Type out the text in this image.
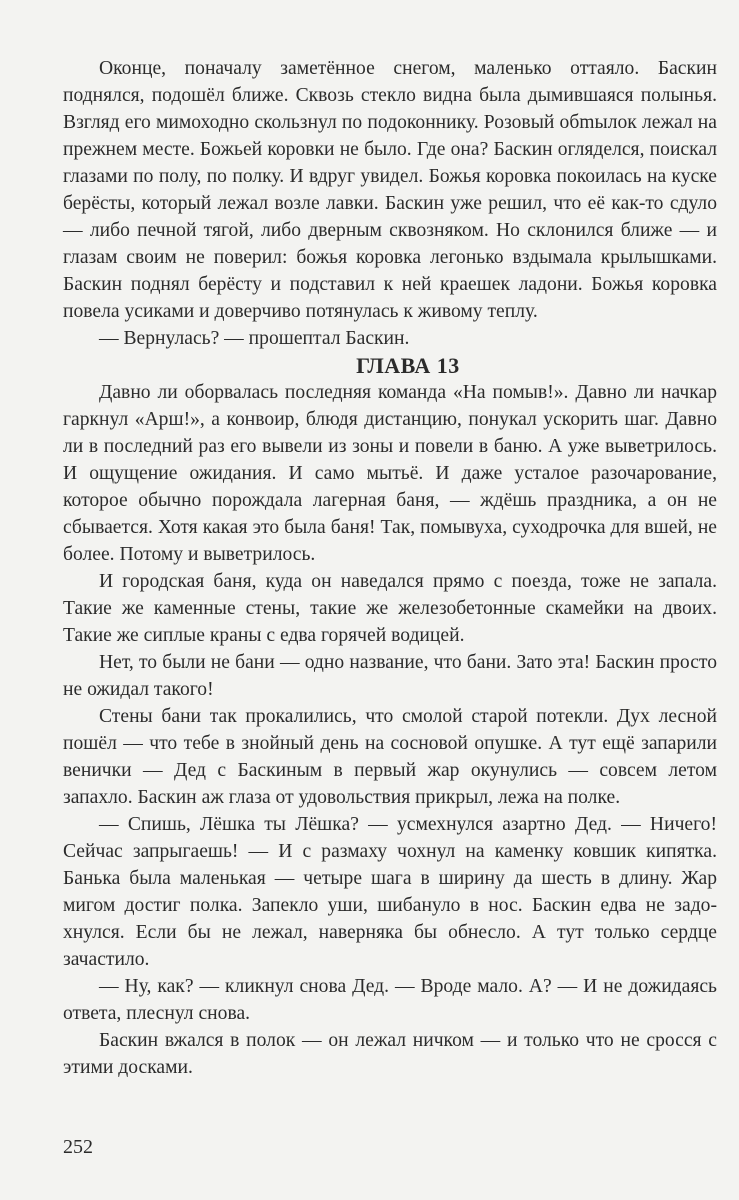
Оконце, поначалу заметённое снегом, маленько оттаяло. Баскин поднялся, подошёл ближе. Сквозь стекло видна была дымившаяся полынья. Взгляд его мимоходно скользнул по подоконнику. Розовый обmылок лежал на прежнем месте. Божьей коровки не было. Где она? Баскин огляделся, поискал глазами по полу, по полку. И вдруг увидел. Божья коровка покоилась на куске берёсты, который лежал возле лавки. Баскин уже решил, что её как-то сдуло — либо печной тягой, либо дверным сквозняком. Но склонился ближе — и глазам своим не поверил: божья коровка легонько вздымала крылышками. Баскин поднял берёсту и подставил к ней краешек ладони. Божья коровка повела усиками и доверчиво потянулась к живому теплу.

— Вернулась? — прошептал Баскин.

ГЛАВА 13

Давно ли оборвалась последняя команда «На помыв!». Давно ли начкар гаркнул «Арш!», а конвоир, блюдя дистанцию, понукал ускорить шаг. Давно ли в последний раз его вывели из зоны и повели в баню. А уже выветрилось. И ощущение ожидания. И само мытьё. И даже усталое разочарование, которое обычно порождала лагерная баня, — ждёшь праздника, а он не сбывается. Хотя какая это была баня! Так, помывуха, суходрочка для вшей, не более. Потому и выветрилось.

И городская баня, куда он наведался прямо с поезда, тоже не запала. Такие же каменные стены, такие же железобетонные скамейки на двоих. Такие же сиплые краны с едва горячей водицей.

Нет, то были не бани — одно название, что бани. Зато эта! Баскин просто не ожидал такого!

Стены бани так прокалились, что смолой старой потекли. Дух лесной пошёл — что тебе в знойный день на сосновой опушке. А тут ещё запарили венички — Дед с Баскиным в первый жар окунулись — совсем летом запахло. Баскин аж глаза от удовольствия прикрыл, лежа на полке.

— Спишь, Лёшка ты Лёшка? — усмехнулся азартно Дед. — Ничего! Сейчас запрыгаешь! — И с размаху чохнул на каменку ковшик кипятка. Банька была маленькая — четыре шага в ширину да шесть в длину. Жар мигом достиг полка. Запекло уши, шибануло в нос. Баскин едва не задохнулся. Если бы не лежал, наверняка бы обнесло. А тут только сердце зачастило.

— Ну, как? — кликнул снова Дед. — Вроде мало. А? — И не дожидаясь ответа, плеснул снова.

Баскин вжался в полок — он лежал ничком — и только что не сросся с этими досками.

252
